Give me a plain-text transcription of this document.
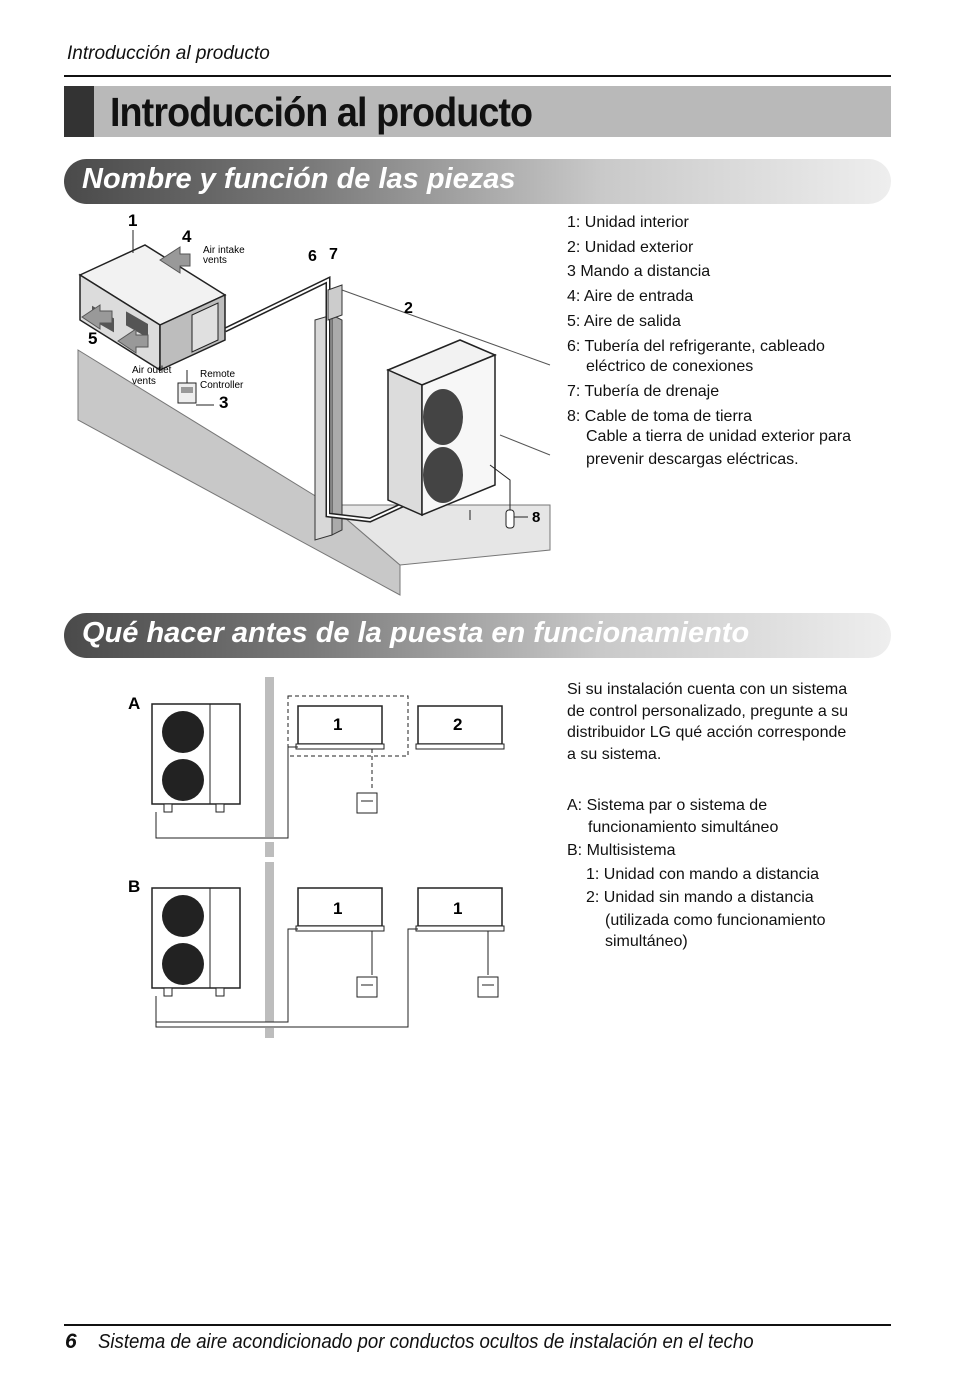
Introducción al producto
Introducción al producto
Nombre y función de las piezas
1
4
5
3
6 7
2
8
Air intake
vents
Air outlet
vents
Remote
Controller
1: Unidad interior
2: Unidad exterior
3 Mando a distancia
4: Aire de entrada
5: Aire de salida
6: Tubería del refrigerante, cableado
eléctrico de conexiones
7: Tubería de drenaje
8: Cable de toma de tierra
Cable a tierra de unidad exterior para
prevenir descargas eléctricas.
Qué hacer antes de la puesta en funcionamiento
A
1	2
B
1	1
Si su instalación cuenta con un sistema
de control personalizado, pregunte a su
distribuidor LG qué acción corresponde
a su sistema.
A: Sistema par o sistema de
funcionamiento simultáneo
B: Multisistema
1: Unidad con mando a distancia
2: Unidad sin mando a distancia
(utilizada como funcionamiento
simultáneo)
6 Sistema de aire acondicionado por conductos ocultos de instalación en el techo
